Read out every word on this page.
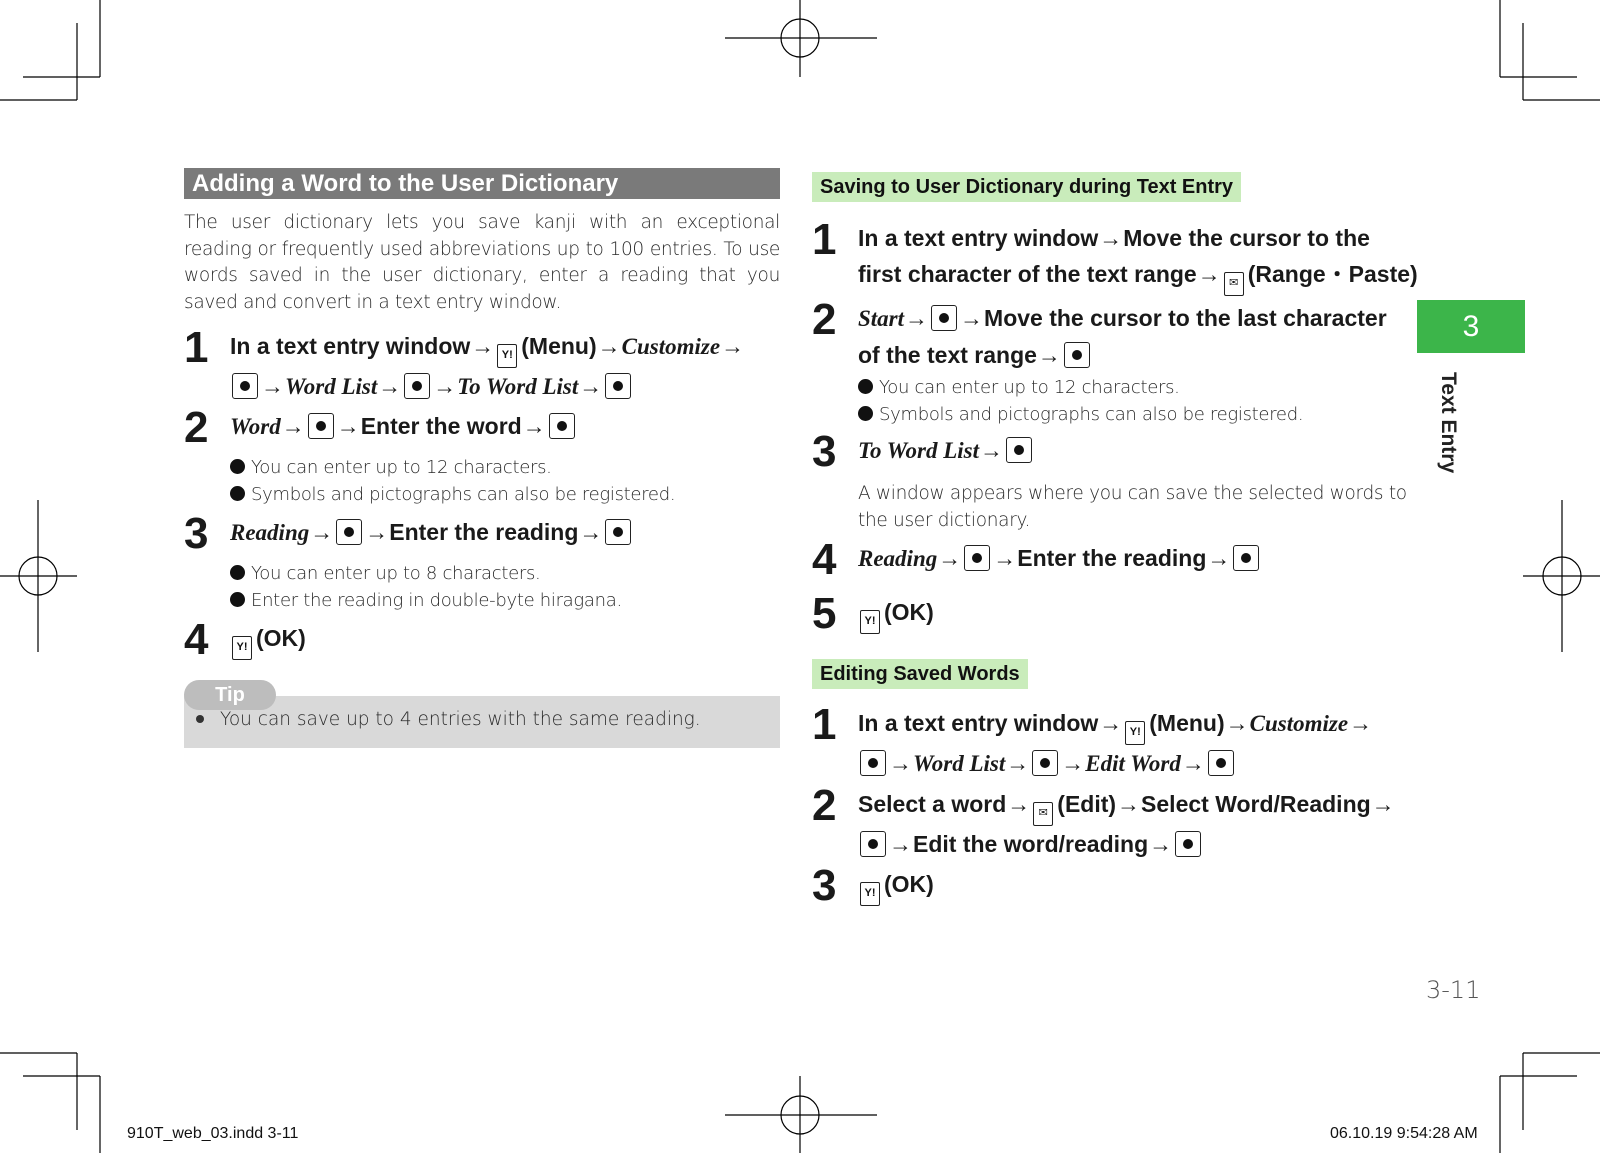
Adding a Word to the User Dictionary
The user dictionary lets you save kanji with an exceptional reading or frequently used abbreviations up to 100 entries. To use words saved in the user dictionary, enter a reading that you saved and convert in a text entry window.
1 In a text entry window→ Y! (Menu)→Customize→
→Word List→ →To Word List→
2 Word→ →Enter the word→
You can enter up to 12 characters.
Symbols and pictographs can also be registered.
3 Reading→ →Enter the reading→
You can enter up to 8 characters.
Enter the reading in double-byte hiragana.
4	Y! (OK)
Tip
You can save up to 4 entries with the same reading.
Saving to User Dictionary during Text Entry
1 In a text entry window→Move the cursor to the
first character of the text range→ ✉ (Range・Paste)
2 Start→ →Move the cursor to the last character
of the text range→
You can enter up to 12 characters.
Symbols and pictographs can also be registered.
3 To Word List→
A window appears where you can save the selected words to the user dictionary.
4 Reading→ →Enter the reading→
5	Y! (OK)
Editing Saved Words
1 In a text entry window→ Y! (Menu)→Customize→
→Word List→ →Edit Word→
2 Select a word→ ✉ (Edit)→Select Word/Reading→
→Edit the word/reading→
3	Y! (OK)
3
Text Entry
3-11
910T_web_03.indd 3-11	06.10.19 9:54:28 AM
